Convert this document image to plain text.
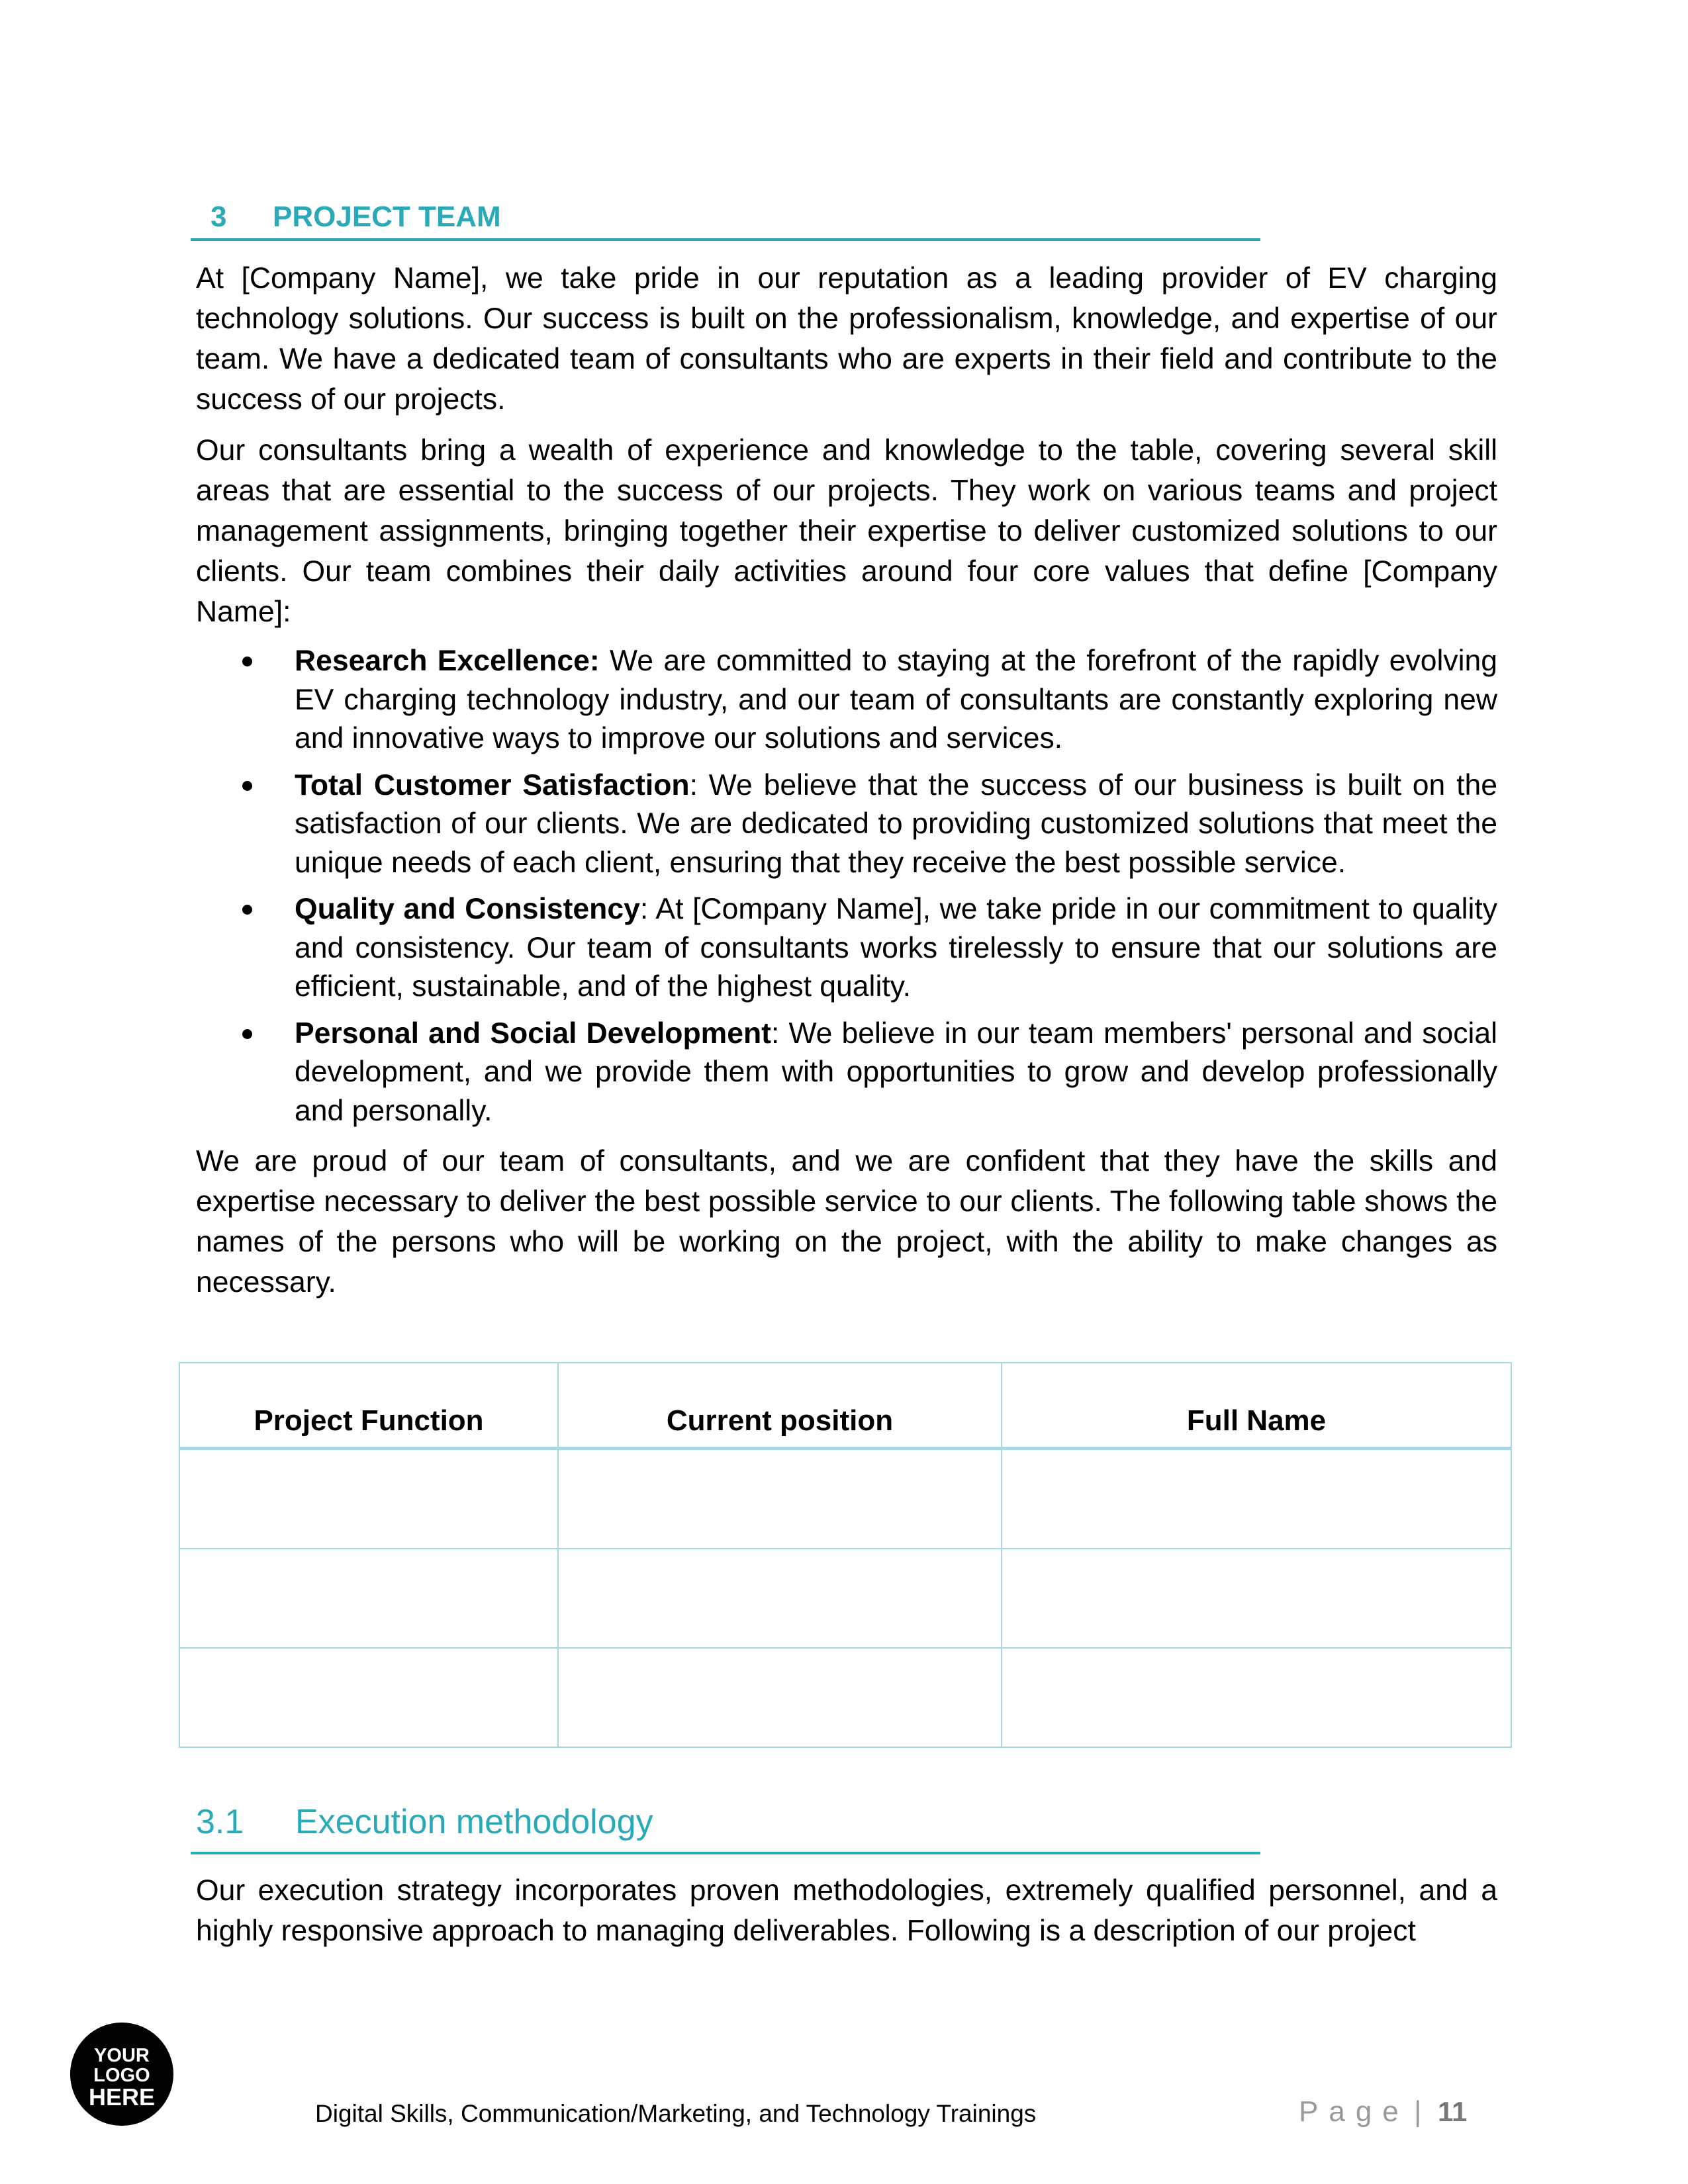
3 PROJECT TEAM
At [Company Name], we take pride in our reputation as a leading provider of EV charging technology solutions. Our success is built on the professionalism, knowledge, and expertise of our team. We have a dedicated team of consultants who are experts in their field and contribute to the success of our projects.
Our consultants bring a wealth of experience and knowledge to the table, covering several skill areas that are essential to the success of our projects. They work on various teams and project management assignments, bringing together their expertise to deliver customized solutions to our clients. Our team combines their daily activities around four core values that define [Company Name]:
Research Excellence: We are committed to staying at the forefront of the rapidly evolving EV charging technology industry, and our team of consultants are constantly exploring new and innovative ways to improve our solutions and services.
Total Customer Satisfaction: We believe that the success of our business is built on the satisfaction of our clients. We are dedicated to providing customized solutions that meet the unique needs of each client, ensuring that they receive the best possible service.
Quality and Consistency: At [Company Name], we take pride in our commitment to quality and consistency. Our team of consultants works tirelessly to ensure that our solutions are efficient, sustainable, and of the highest quality.
Personal and Social Development: We believe in our team members' personal and social development, and we provide them with opportunities to grow and develop professionally and personally.
We are proud of our team of consultants, and we are confident that they have the skills and expertise necessary to deliver the best possible service to our clients. The following table shows the names of the persons who will be working on the project, with the ability to make changes as necessary.
Project Function	Current position	Full Name

3.1 Execution methodology
Our execution strategy incorporates proven methodologies, extremely qualified personnel, and a highly responsive approach to managing deliverables. Following is a description of our project
YOUR
LOGO
HERE
Digital Skills, Communication/Marketing, and Technology Trainings	Page | 11
